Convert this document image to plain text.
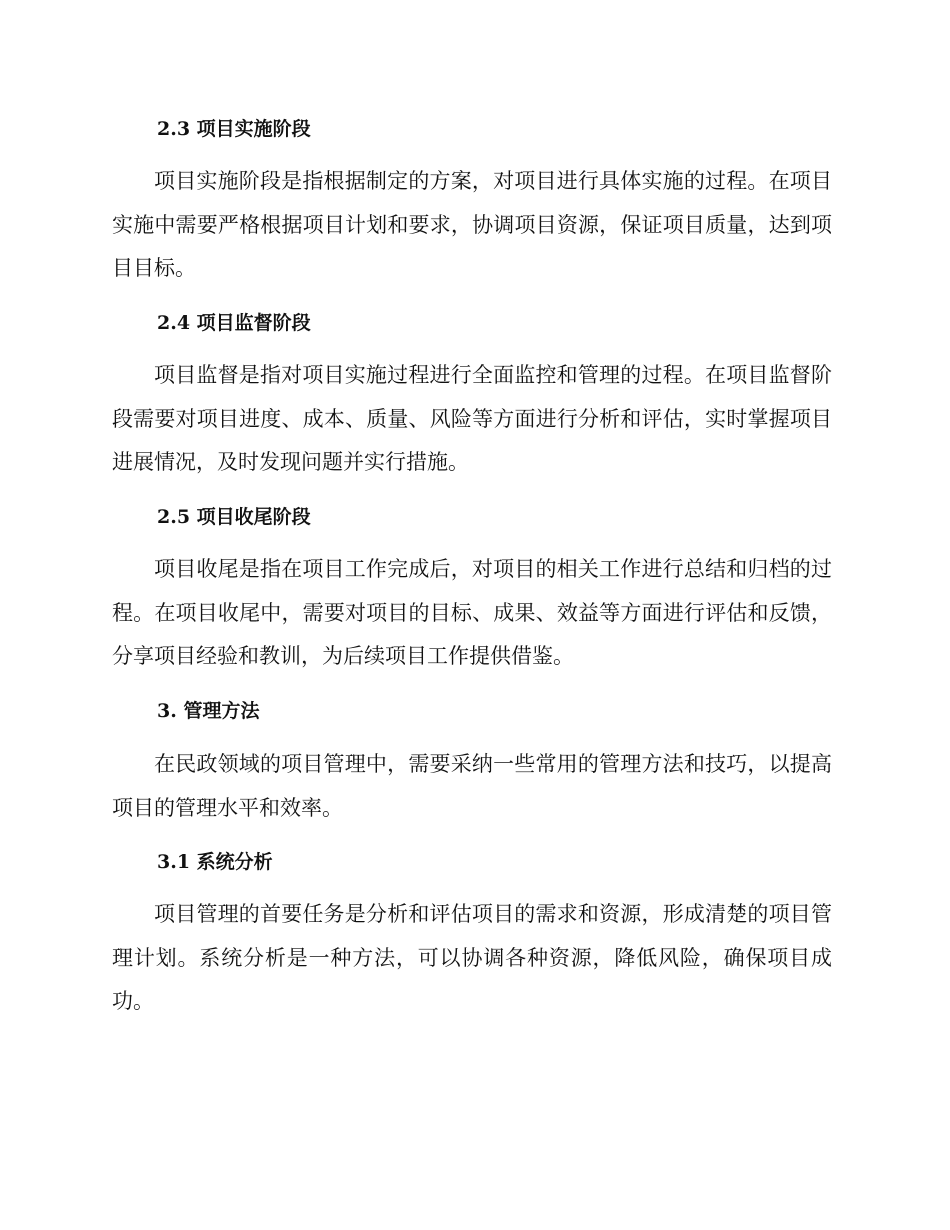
2.3 项目实施阶段

项目实施阶段是指根据制定的方案，对项目进行具体实施的过程。在项目实施中需要严格根据项目计划和要求，协调项目资源，保证项目质量，达到项目目标。

2.4 项目监督阶段

项目监督是指对项目实施过程进行全面监控和管理的过程。在项目监督阶段需要对项目进度、成本、质量、风险等方面进行分析和评估，实时掌握项目进展情况，及时发现问题并实行措施。

2.5 项目收尾阶段

项目收尾是指在项目工作完成后，对项目的相关工作进行总结和归档的过程。在项目收尾中，需要对项目的目标、成果、效益等方面进行评估和反馈，分享项目经验和教训，为后续项目工作提供借鉴。

3. 管理方法

在民政领域的项目管理中，需要采纳一些常用的管理方法和技巧，以提高项目的管理水平和效率。

3.1 系统分析

项目管理的首要任务是分析和评估项目的需求和资源，形成清楚的项目管理计划。系统分析是一种方法，可以协调各种资源，降低风险，确保项目成功。
